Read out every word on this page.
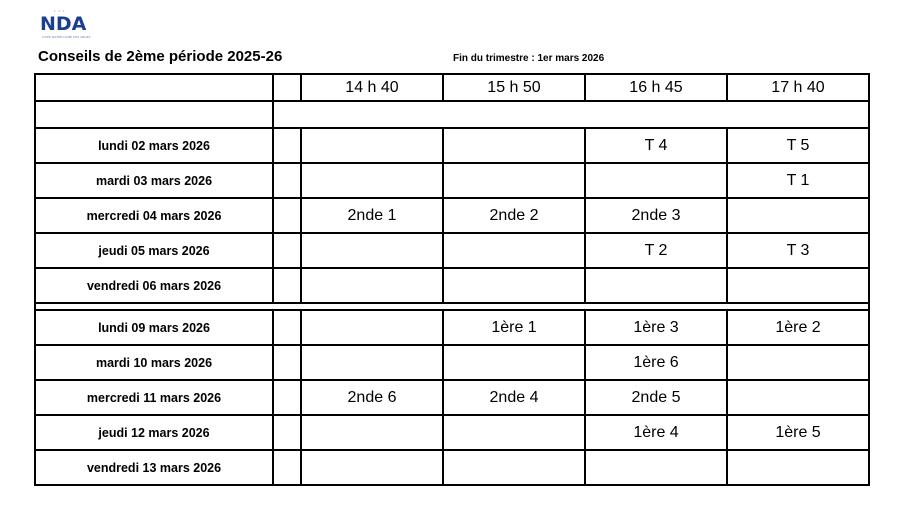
• • •
NDA
LYCÉE NOTRE-DAME DES ANGES
Conseils de 2ème période 2025-26	Fin du trimestre : 1er mars 2026
		14 h 40	15 h 50	16 h 45	17 h 40

lundi 02 mars 2026				T 4	T 5
mardi 03 mars 2026					T 1
mercredi 04 mars 2026		2nde 1	2nde 2	2nde 3	
jeudi 05 mars 2026				T 2	T 3
vendredi 06 mars 2026					

lundi 09 mars 2026			1ère 1	1ère 3	1ère 2
mardi 10 mars 2026				1ère 6	
mercredi 11 mars 2026		2nde 6	2nde 4	2nde 5	
jeudi 12 mars 2026				1ère 4	1ère 5
vendredi 13 mars 2026					
